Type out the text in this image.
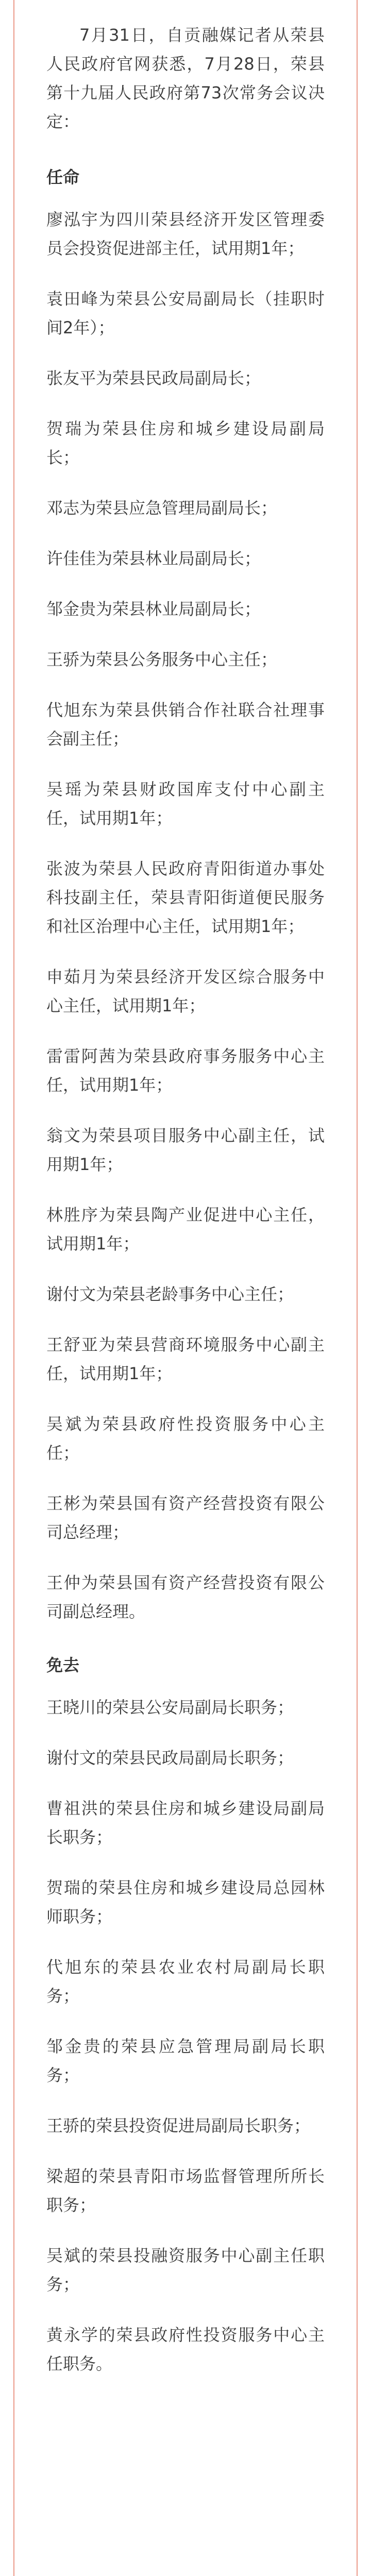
7月31日，自贡融媒记者从荣县人民政府官网获悉，7月28日，荣县第十九届人民政府第73次常务会议决定：

任命
廖泓宇为四川荣县经济开发区管理委员会投资促进部主任，试用期1年；
袁田峰为荣县公安局副局长（挂职时间2年）；
张友平为荣县民政局副局长；
贺瑞为荣县住房和城乡建设局副局长；
邓志为荣县应急管理局副局长；
许佳佳为荣县林业局副局长；
邹金贵为荣县林业局副局长；
王骄为荣县公务服务中心主任；
代旭东为荣县供销合作社联合社理事会副主任；
吴瑶为荣县财政国库支付中心副主任，试用期1年；
张波为荣县人民政府青阳街道办事处科技副主任，荣县青阳街道便民服务和社区治理中心主任，试用期1年；
申茹月为荣县经济开发区综合服务中心主任，试用期1年；
雷雷阿茜为荣县政府事务服务中心主任，试用期1年；
翁文为荣县项目服务中心副主任，试用期1年；
林胜序为荣县陶产业促进中心主任，试用期1年；
谢付文为荣县老龄事务中心主任；
王舒亚为荣县营商环境服务中心副主任，试用期1年；
吴斌为荣县政府性投资服务中心主任；
王彬为荣县国有资产经营投资有限公司总经理；
王仲为荣县国有资产经营投资有限公司副总经理。
免去
王晓川的荣县公安局副局长职务；
谢付文的荣县民政局副局长职务；
曹祖洪的荣县住房和城乡建设局副局长职务；
贺瑞的荣县住房和城乡建设局总园林师职务；
代旭东的荣县农业农村局副局长职务；
邹金贵的荣县应急管理局副局长职务；
王骄的荣县投资促进局副局长职务；
梁超的荣县青阳市场监督管理所所长职务；
吴斌的荣县投融资服务中心副主任职务；
黄永学的荣县政府性投资服务中心主任职务。
